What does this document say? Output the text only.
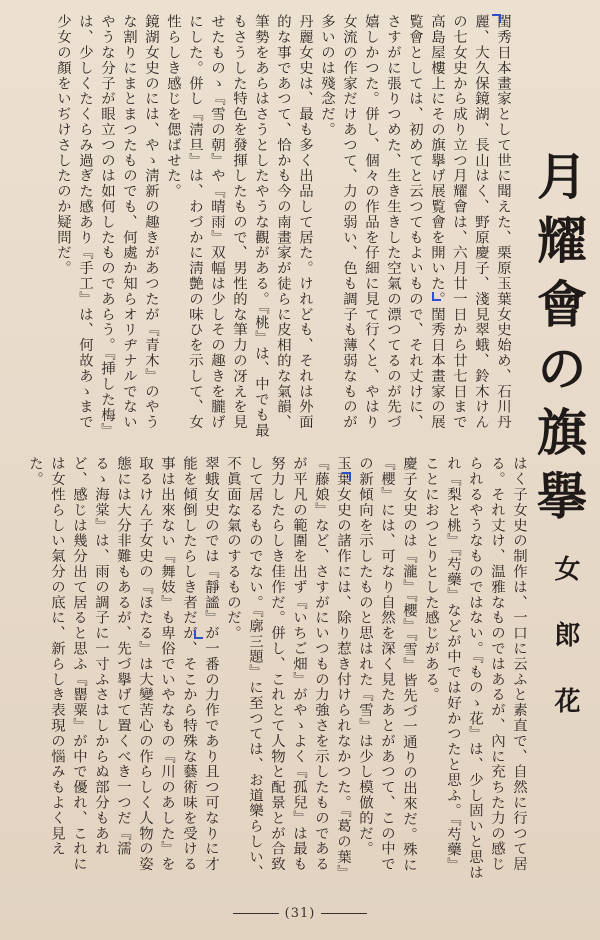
閨秀日本畫家として世に聞えた、栗原玉葉女史始め、石川丹麗、大久保鏡湖、長山はく、野原慶子、淺見翠蛾、鈴木けんの七女史から成り立つ月耀會は、六月廿一日から廿七日まで高島屋樓上にその旗擧げ展覧會を開いた。閨秀日本畫家の展覧會としては、初めてと云つてもよいもので、それ丈けに、さすがに張りつめた、生き生きした空氣の漂つてるのが先づ嬉しかつた。併し、個々の作品を仔細に見て行くと、やはり女流の作家だけあつて、力の弱い、色も調子も薄弱なものが多いのは殘念だ。

丹麗女史は、最も多く出品して居た。けれども、それは外面的な事であつて、恰かも今の南畫家が徒らに皮相的な氣韻、筆勢をあらはさうとしたやうな觀がある。『桃』は、中でも最もさうした特色を發揮したもので、男性的な筆力の冴えを見せたものゝ『雪の朝』や『晴雨』双幅は少しその趣きを朧げにした。併し『淸旦』は、わづかに淸艶の味ひを示して、女性らしき感じを偲ばせた。

鏡湖女史のには、やゝ淸新の趣きがあつたが『青木』のやうな割りにまとまつたものでも、何處か知らオリヂナルでないやうな分子が眼立つのは如何したものであらう。『挿した梅』は、少しくたくらみ過ぎた感あり『手工』は、何故あゝまで少女の顏をいぢけさしたのか疑問だ。

月耀會の旗擧
女郎花

はく子女史の制作は、一口に云ふと素直で、自然に行つて居る。それ丈け、温雅なものではあるが、內に充ちた力の感じられるやうなものではない。『ものゝ花』は、少し固いと思はれ『梨と桃』『芍藥』などが中では好かつたと思ふ。『芍藥』ことにおつとりとした感じがある。

慶子女史のは『瀧』『櫻』『雪』皆先づ一通りの出來だ。殊に『櫻』には、可なり自然を深く見たあとがあつて、この中での新傾向を示したものと思はれた『雪』は少し模倣的だ。

玉葉女史の諸作には、除り惹き付けられなかつた。『葛の葉』『藤娘』など、さすがにいつもの力強さを示したものであるが平凡の範圍を出ず『いちご畑』がやゝよく『孤兒』は最も努力したらしき佳作だ。併し、これとて人物と配景とが合致して居るものでない。『廓三題』に至つては、お道樂らしい、不眞面な氣のするものだ。

翠蛾女史のでは『靜謐』が一番の力作であり且つ可なりに才能を傾倒したらしき者だが、そこから特殊な藝術味を受ける事は出來ない『舞妓』も卑俗でいやなもの『川のあした』を取るけん子女史の『ほたる』は大變苦心の作らしく人物の姿態には大分非難もあるが、先づ擧げて置くべき一つだ『濡るゝ海棠』は、雨の調子に一寸ふさはしからぬ部分もあれど、感じは幾分出て居ると思ふ『罌粟』が中で優れ、これには女性らしい氣分の底に、新らしき表現の惱みもよく見えた。

(31)
